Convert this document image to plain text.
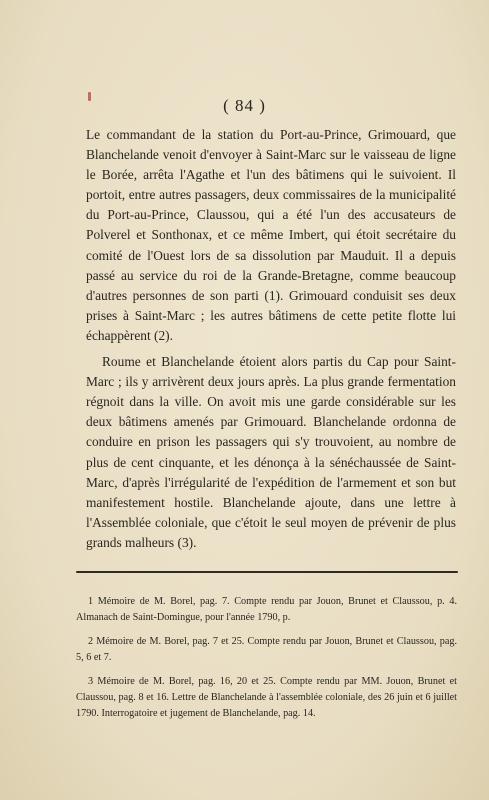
( 84 )

Le commandant de la station du Port-au-Prince, Grimouard, que Blanchelande venoit d'envoyer à Saint-Marc sur le vaisseau de ligne le Borée, arrêta l'Agathe et l'un des bâtimens qui le suivoient. Il portoit, entre autres passagers, deux commissaires de la municipalité du Port-au-Prince, Claussou, qui a été l'un des accusateurs de Polverel et Sonthonax, et ce même Imbert, qui étoit secrétaire du comité de l'Ouest lors de sa dissolution par Mauduit. Il a depuis passé au service du roi de la Grande-Bretagne, comme beaucoup d'autres personnes de son parti (1). Grimouard conduisit ses deux prises à Saint-Marc ; les autres bâtimens de cette petite flotte lui échappèrent (2).

Roume et Blanchelande étoient alors partis du Cap pour Saint-Marc ; ils y arrivèrent deux jours après. La plus grande fermentation régnoit dans la ville. On avoit mis une garde considérable sur les deux bâtimens amenés par Grimouard. Blanchelande ordonna de conduire en prison les passagers qui s'y trouvoient, au nombre de plus de cent cinquante, et les dénonça à la sénéchaussée de Saint-Marc, d'après l'irrégularité de l'expédition de l'armement et son but manifestement hostile. Blanchelande ajoute, dans une lettre à l'Assemblée coloniale, que c'étoit le seul moyen de prévenir de plus grands malheurs (3).

1 Mémoire de M. Borel, pag. 7. Compte rendu par Jouon, Brunet et Claussou, p. 4. Almanach de Saint-Domingue, pour l'année 1790, p.

2 Mémoire de M. Borel, pag. 7 et 25. Compte rendu par Jouon, Brunet et Claussou, pag. 5, 6 et 7.

3 Mémoire de M. Borel, pag. 16, 20 et 25. Compte rendu par MM. Jouon, Brunet et Claussou, pag. 8 et 16. Lettre de Blanchelande à l'assemblée coloniale, des 26 juin et 6 juillet 1790. Interrogatoire et jugement de Blanchelande, pag. 14.
